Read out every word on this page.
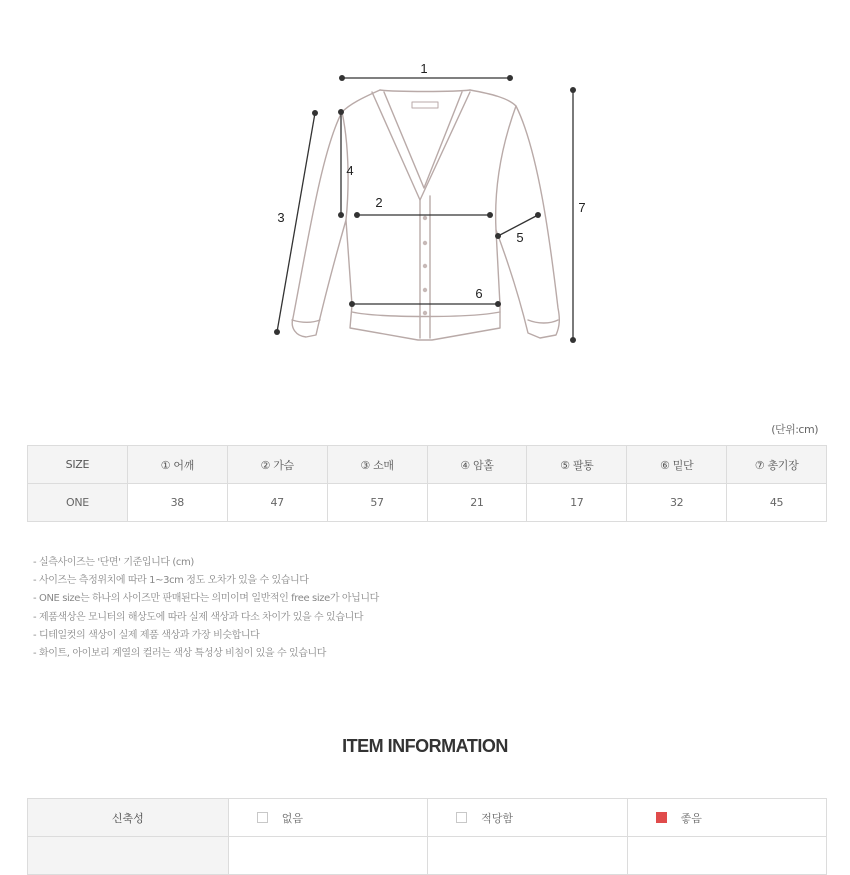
1
2
3
4
5
6
7
(단위:cm)
SIZE	① 어깨	② 가슴	③ 소매	④ 암홀	⑤ 팔통	⑥ 밑단	⑦ 총기장
ONE	38	47	57	21	17	32	45
- 실측사이즈는 '단면' 기준입니다 (cm)
- 사이즈는 측정위치에 따라 1~3cm 정도 오차가 있을 수 있습니다
- ONE size는 하나의 사이즈만 판매된다는 의미이며 일반적인 free size가 아닙니다
- 제품색상은 모니터의 해상도에 따라 실제 색상과 다소 차이가 있을 수 있습니다
- 디테일컷의 색상이 실제 제품 색상과 가장 비슷합니다
- 화이트, 아이보리 계열의 컬러는 색상 특성상 비침이 있을 수 있습니다
ITEM INFORMATION
신축성	없음	적당함	좋음
